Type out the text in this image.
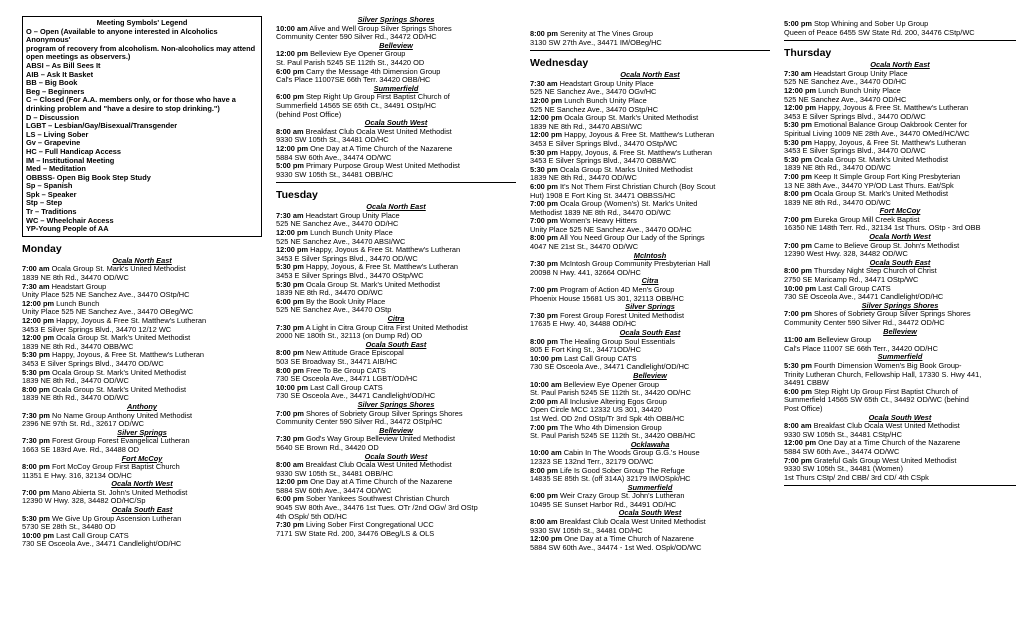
Meeting Symbols' Legend
O – Open (Available to anyone interested in Alcoholics Anonymous'
program of recovery from alcoholism. Non-alcoholics may attend
open meetings as observers.)
ABSI – As Bill Sees It
AIB – Ask It Basket
BB – Big Book
Beg – Beginners
C – Closed (For A.A. members only, or for those who have a
drinking problem and "have a desire to stop drinking.")
D – Discussion
LGBT – Lesbian/Gay/Bisexual/Transgender
LS – Living Sober
Gv – Grapevine
HC – Full Handicap Access
IM – Institutional Meeting
Med – Meditation
OBBSS- Open Big Book Step Study
Sp – Spanish
Spk – Speaker
Stp – Step
Tr – Traditions
WC – Wheelchair Access
YP-Young People of AA
Monday
Ocala North East
7:00 am Ocala Group St. Mark's United Methodist
1839 NE 8th Rd., 34470 OD/WC
7:30 am Headstart Group
Unity Place 525 NE Sanchez Ave., 34470 OStp/HC
12:00 pm Lunch Bunch
Unity Place 525 NE Sanchez Ave., 34470 OBeg/WC
12:00 pm Happy, Joyous & Free St. Matthew's Lutheran
3453 E Silver Springs Blvd., 34470 12/12 WC
12:00 pm Ocala Group St. Mark's United Methodist
1839 NE 8th Rd., 34470 OBB/WC
5:30 pm Happy, Joyous, & Free St. Matthew's Lutheran
3453 E Silver Springs Blvd., 34470 OD/WC
5:30 pm Ocala Group St. Mark's United Methodist
1839 NE 8th Rd., 34470 OD/WC
8:00 pm Ocala Group St. Mark's United Methodist
1839 NE 8th Rd., 34470 OD/WC
Anthony
7:30 pm No Name Group Anthony United Methodist
2396 NE 97th St. Rd., 32617 OD/WC
Silver Springs
7:30 pm Forest Group Forest Evangelical Lutheran
1663 SE 183rd Ave. Rd., 34488 OD
Fort McCoy
8:00 pm Fort McCoy Group First Baptist Church
11351 E Hwy. 316, 32134 OD/HC
Ocala North West
7:00 pm Mano Abierta St. John's United Methodist
12390 W Hwy. 328, 34482 OD/HC/Sp
Ocala South East
5:30 pm We Give Up Group Ascension Lutheran
5730 SE 28th St., 34480 OD
10:00 pm Last Call Group CATS
730 SE Osceola Ave., 34471 Candlelight/OD/HC
Silver Springs Shores
10:00 am Alive and Well Group Silver Springs Shores
Community Center 590 Silver Rd., 34472 OD/HC
Belleview
12:00 pm Belleview Eye Opener Group
St. Paul Parish 5245 SE 112th St., 34420 OD
6:00 pm Carry the Message 4th Dimension Group
Cal's Place 11007SE 66th Terr. 34420 OBB/HC
Summerfield
6:00 pm Step Right Up Group First Baptist Church of
Summerfield 14565 SE 65th Ct., 34491 OStp/HC
(behind Post Office)
Ocala South West
8:00 am Breakfast Club Ocala West United Methodist
9330 SW 105th St., 34481 OD/HC
12:00 pm One Day at A Time Church of the Nazarene
5884 SW 60th Ave., 34474 OD/WC
5:00 pm Primary Purpose Group West United Methodist
9330 SW 105th St., 34481 OBB/HC
Tuesday
Ocala North East
7:30 am Headstart Group Unity Place
525 NE Sanchez Ave., 34470 OD/HC
12:00 pm Lunch Bunch Unity Place
525 NE Sanchez Ave., 34470 ABSI/WC
12:00 pm Happy, Joyous & Free St. Matthew's Lutheran
3453 E Silver Springs Blvd., 34470 OD/WC
5:30 pm Happy, Joyous, & Free St. Matthew's Lutheran
3453 E Silver Springs Blvd., 34470 OStp/WC
5:30 pm Ocala Group St. Mark's United Methodist
1839 NE 8th Rd., 34470 OD/WC
6:00 pm By the Book Unity Place
525 NE Sanchez Ave., 34470 OStp
Citra
7:30 pm A Light in Citra Group Citra First United Methodist
2000 NE 180th St., 32113 (on Dump Rd) OD
Ocala South East
8:00 pm New Attitude Grace Episcopal
503 SE Broadway St., 34471 AIB/HC
8:00 pm Free To Be Group CATS
730 SE Osceola Ave., 34471 LGBT/OD/HC
10:00 pm Last Call Group CATS
730 SE Osceola Ave., 34471 Candlelight/OD/HC
Silver Springs Shores
7:00 pm Shores of Sobriety Group Silver Springs Shores
Community Center 590 Silver Rd., 34472 OStp/HC
Belleview
7:30 pm God's Way Group Belleview United Methodist
5640 SE Brown Rd., 34420 OD
Ocala South West
8:00 am Breakfast Club Ocala West United Methodist
9330 SW 105th St., 34481 OBB/HC
12:00 pm One Day at A Time Church of the Nazarene
5884 SW 60th Ave., 34474 OD/WC
6:00 pm Sober Yankees Southwest Christian Church
9045 SW 80th Ave., 34476 1st Tues. OTr /2nd OGv/ 3rd OStp
4th OSpk/ 5th OD/HC
7:30 pm Living Sober First Congregational UCC
7171 SW State Rd. 200, 34476 OBeg/LS & OLS
8:00 pm Serenity at The Vines Group
3130 SW 27th Ave., 34471 IM/OBeg/HC
Wednesday
Ocala North East
7:30 am Headstart Group Unity Place
525 NE Sanchez Ave., 34470 OGv/HC
12:00 pm Lunch Bunch Unity Place
525 NE Sanchez Ave., 34470 OStp/HC
12:00 pm Ocala Group St. Mark's United Methodist
1839 NE 8th Rd., 34470 ABSI/WC
12:00 pm Happy, Joyous & Free St. Matthew's Lutheran
3453 E Silver Springs Blvd., 34470 OStp/WC
5:30 pm Happy, Joyous, & Free St. Matthew's Lutheran
3453 E Silver Springs Blvd., 34470 OBB/WC
5:30 pm Ocala Group St. Marks United Methodist
1839 NE 8th Rd., 34470 OD/WC
6:00 pm It's Not Them First Christian Church (Boy Scout
Hut) 1908 E Fort King St. 34471 OBBSS/HC
7:00 pm Ocala Group (Women's) St. Mark's United
Methodist 1839 NE 8th Rd., 34470 OD/WC
7:00 pm Women's Heavy Hitters
Unity Place 525 NE Sanchez Ave., 34470 OD/HC
8:00 pm All You Need Group Our Lady of the Springs
4047 NE 21st St., 34470 OD/WC
McIntosh
7:30 pm McIntosh Group Community Presbyterian Hall
20098 N Hwy. 441, 32664 OD/HC
Citra
7:00 pm Program of Action 4D Men's Group
Phoenix House 15681 US 301, 32113 OBB/HC
Silver Springs
7:30 pm Forest Group Forest United Methodist
17635 E Hwy. 40, 34488 OD/HC
Ocala South East
8:00 pm The Healing Group Soul Essentials
805 E Fort King St., 34471OD/HC
10:00 pm Last Call Group CATS
730 SE Osceola Ave., 34471 Candlelight/OD/HC
Belleview
10:00 am Belleview Eye Opener Group
St. Paul Parish 5245 SE 112th St., 34420 OD/HC
2:00 pm All Inclusive Altering Egos Group
Open Circle MCC 12332 US 301, 34420
1st Wed. OD 2nd OStp/Tr 3rd Spk 4th OBB/HC
7:00 pm The Who 4th Dimension Group
St. Paul Parish 5245 SE 112th St., 34420 OBB/HC
Ocklawaha
10:00 am Cabin In The Woods Group G.G.'s House
12323 SE 132nd Terr., 32179 OD/WC
8:00 pm Life Is Good Sober Group The Refuge
14835 SE 85th St. (off 314A) 32179 IM/OSpk/HC
Summerfield
6:00 pm Weir Crazy Group St. John's Lutheran
10495 SE Sunset Harbor Rd., 34491 OD/HC
Ocala South West
8:00 am Breakfast Club Ocala West United Methodist
9330 SW 105th St., 34481 OD/HC
12:00 pm One Day at a Time Church of Nazarene
5884 SW 60th Ave., 34474 - 1st Wed. OSpk/OD/WC
5:00 pm Stop Whining and Sober Up Group
Queen of Peace 6455 SW State Rd. 200, 34476 CStp/WC
Thursday
Ocala North East
7:30 am Headstart Group Unity Place
525 NE Sanchez Ave., 34470 OD/HC
12:00 pm Lunch Bunch Unity Place
525 NE Sanchez Ave., 34470 OD/HC
12:00 pm Happy, Joyous & Free St. Matthew's Lutheran
3453 E Silver Springs Blvd., 34470 OD/WC
5:30 pm Emotional Balance Group Oakbrook Center for
Spiritual Living 1009 NE 28th Ave., 34470 OMed/HC/WC
5:30 pm Happy, Joyous, & Free St. Matthew's Lutheran
3453 E Silver Springs Blvd., 34470 OD/WC
5:30 pm Ocala Group St. Mark's United Methodist
1839 NE 8th Rd., 34470 OD/WC
7:00 pm Keep It Simple Group Fort King Presbyterian
13 NE 38th Ave., 34470 YP/OD Last Thurs. Eat/Spk
8:00 pm Ocala Group St. Mark's United Methodist
1839 NE 8th Rd., 34470 OD/WC
Fort McCoy
7:00 pm Eureka Group Mill Creek Baptist
16350 NE 148th Terr. Rd., 32134 1st Thurs. OStp - 3rd OBB
Ocala North West
7:00 pm Came to Believe Group St. John's Methodist
12390 West Hwy. 328, 34482 OD/WC
Ocala South East
8:00 pm Thursday Night Step Church of Christ
2750 SE Maricamp Rd., 34471 OStp/WC
10:00 pm Last Call Group CATS
730 SE Osceola Ave., 34471 Candlelight/OD/HC
Silver Springs Shores
7:00 pm Shores of Sobriety Group Silver Springs Shores
Community Center 590 Silver Rd., 34472 OD/HC
Belleview
11:00 am Belleview Group
Cal's Place 11007 SE 66th Terr., 34420 OD/HC
Summerfield
5:30 pm Fourth Dimension Women's Big Book Group-
Trinity Lutheran Church, Fellowship Hall, 17330 S. Hwy 441,
34491 CBBW
6:00 pm Step Right Up Group First Baptist Church of
Summerfield 14565 SW 65th Ct., 34492 OD/WC (behind
Post Office)
Ocala South West
8:00 am Breakfast Club Ocala West United Methodist
9330 SW 105th St., 34481 CStp/HC
12:00 pm One Day at a Time Church of the Nazarene
5884 SW 60th Ave., 34474 OD/WC
7:00 pm Grateful Gals Group West United Methodist
9330 SW 105th St., 34481 (Women)
1st Thurs CStp/ 2nd CBB/ 3rd CD/ 4th CSpk
